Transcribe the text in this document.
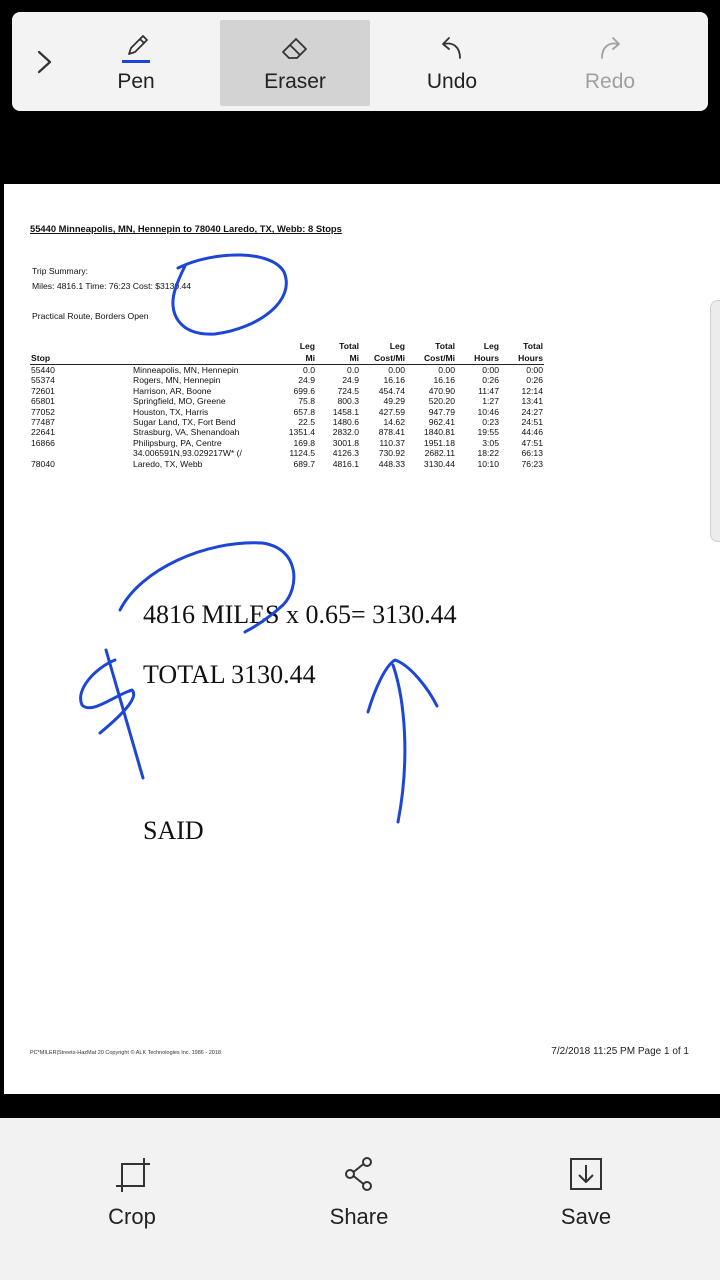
Pen	Eraser	Undo	Redo
55440 Minneapolis, MN, Hennepin to 78040 Laredo, TX, Webb: 8 Stops
Trip Summary:
Miles: 4816.1 Time: 76:23 Cost: $3130.44
Practical Route, Borders Open
		Leg	Total	Leg	Total	Leg	Total
Stop		Mi	Mi	Cost/Mi	Cost/Mi	Hours	Hours
55440	Minneapolis, MN, Hennepin	0.0	0.0	0.00	0.00	0:00	0:00
55374	Rogers, MN, Hennepin	24.9	24.9	16.16	16.16	0:26	0:26
72601	Harrison, AR, Boone	699.6	724.5	454.74	470.90	11:47	12:14
65801	Springfield, MO, Greene	75.8	800.3	49.29	520.20	1:27	13:41
77052	Houston, TX, Harris	657.8	1458.1	427.59	947.79	10:46	24:27
77487	Sugar Land, TX, Fort Bend	22.5	1480.6	14.62	962.41	0:23	24:51
22641	Strasburg, VA, Shenandoah	1351.4	2832.0	878.41	1840.81	19:55	44:46
16866	Philipsburg, PA, Centre	169.8	3001.8	110.37	1951.18	3:05	47:51
	34.006591N,93.029217W* (/	1124.5	4126.3	730.92	2682.11	18:22	66:13
78040	Laredo, TX, Webb	689.7	4816.1	448.33	3130.44	10:10	76:23
4816 MILES x 0.65= 3130.44
TOTAL 3130.44
SAID
PC*MILER|Streets-HazMat 20 Copyright © ALK Technologies Inc. 1986 - 2018	7/2/2018 11:25 PM Page 1 of 1
Crop	Share	Save
